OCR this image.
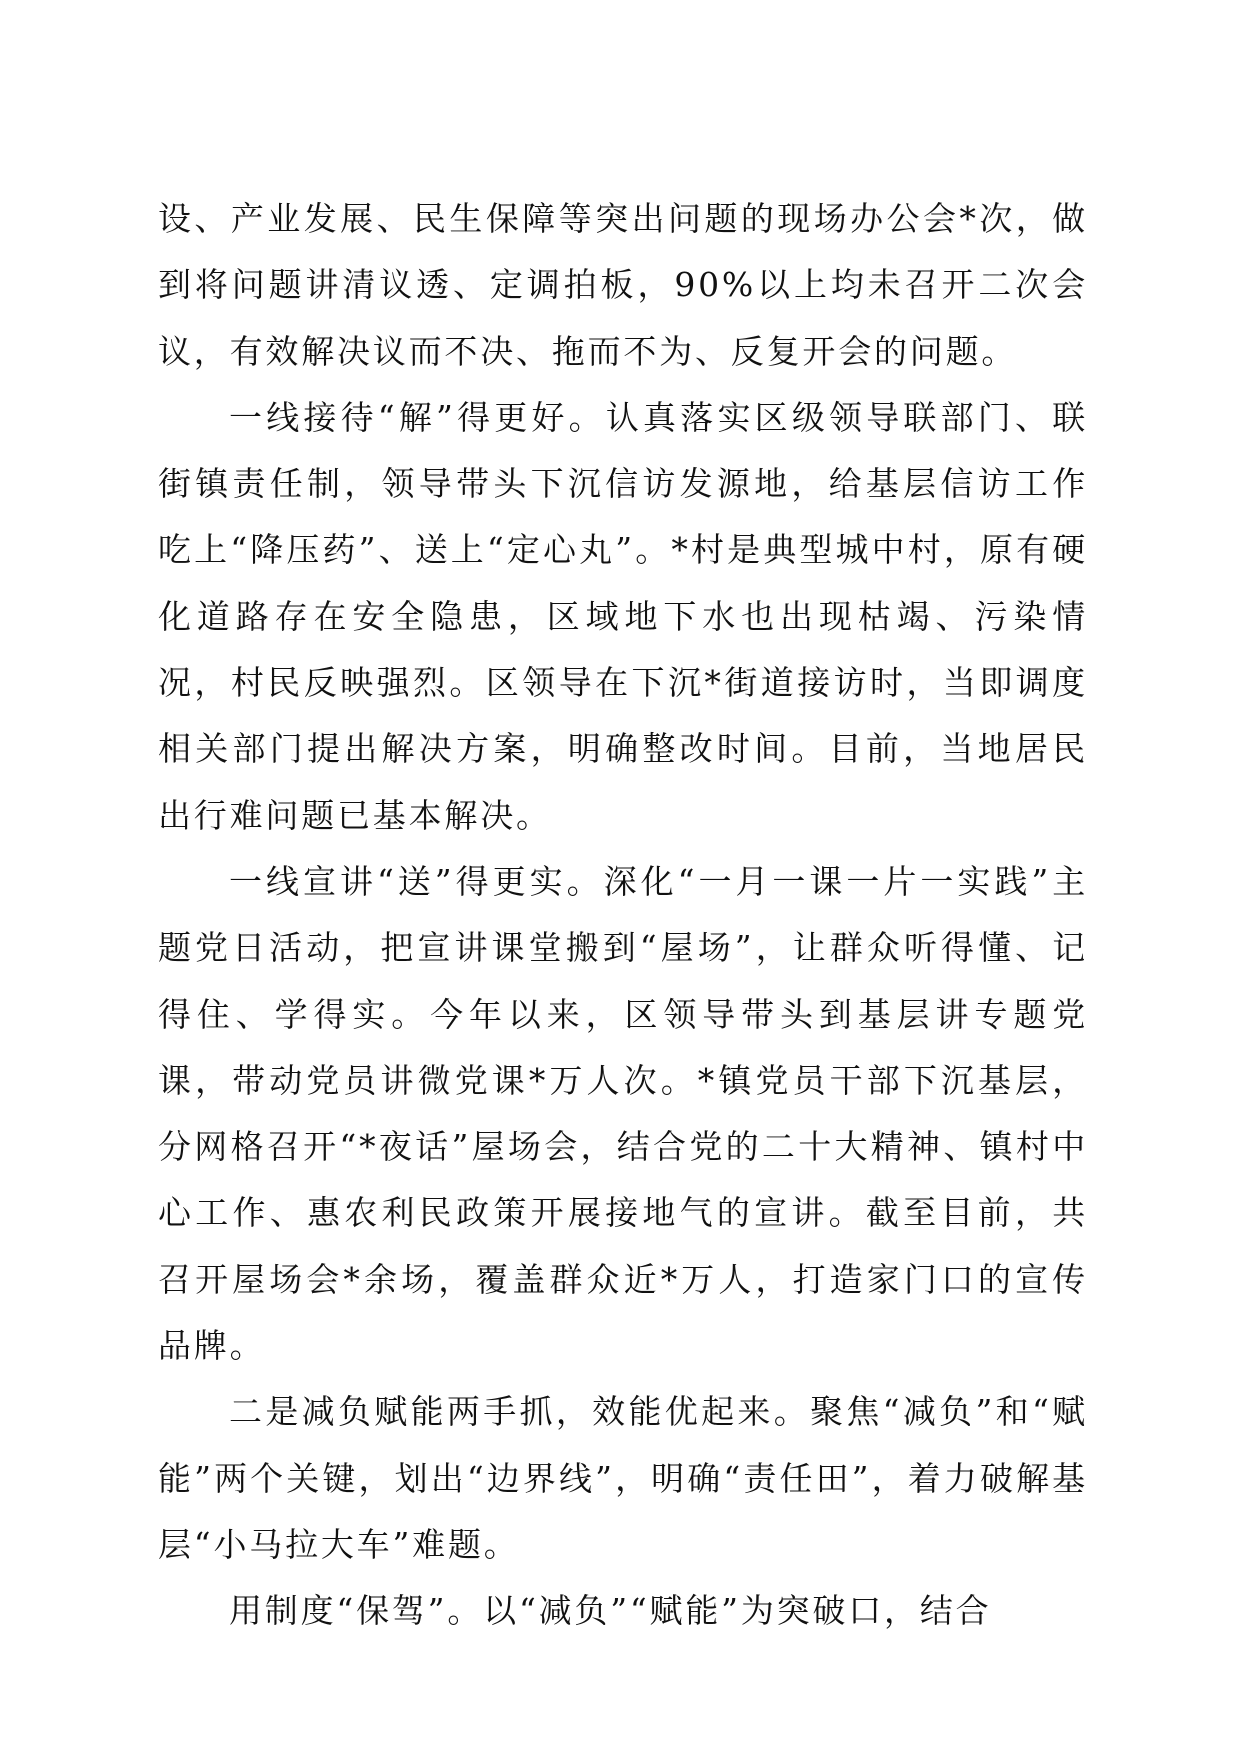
设、产业发展、民生保障等突出问题的现场办公会*次，做到将问题讲清议透、定调拍板，90%以上均未召开二次会议，有效解决议而不决、拖而不为、反复开会的问题。

一线接待“解”得更好。认真落实区级领导联部门、联街镇责任制，领导带头下沉信访发源地，给基层信访工作吃上“降压药”、送上“定心丸”。*村是典型城中村，原有硬化道路存在安全隐患，区域地下水也出现枯竭、污染情况，村民反映强烈。区领导在下沉*街道接访时，当即调度相关部门提出解决方案，明确整改时间。目前，当地居民出行难问题已基本解决。

一线宣讲“送”得更实。深化“一月一课一片一实践”主题党日活动，把宣讲课堂搬到“屋场”，让群众听得懂、记得住、学得实。今年以来，区领导带头到基层讲专题党课，带动党员讲微党课*万人次。*镇党员干部下沉基层，分网格召开“*夜话”屋场会，结合党的二十大精神、镇村中心工作、惠农利民政策开展接地气的宣讲。截至目前，共召开屋场会*余场，覆盖群众近*万人，打造家门口的宣传品牌。

二是减负赋能两手抓，效能优起来。聚焦“减负”和“赋能”两个关键，划出“边界线”，明确“责任田”，着力破解基层“小马拉大车”难题。

用制度“保驾”。以“减负”“赋能”为突破口，结合
